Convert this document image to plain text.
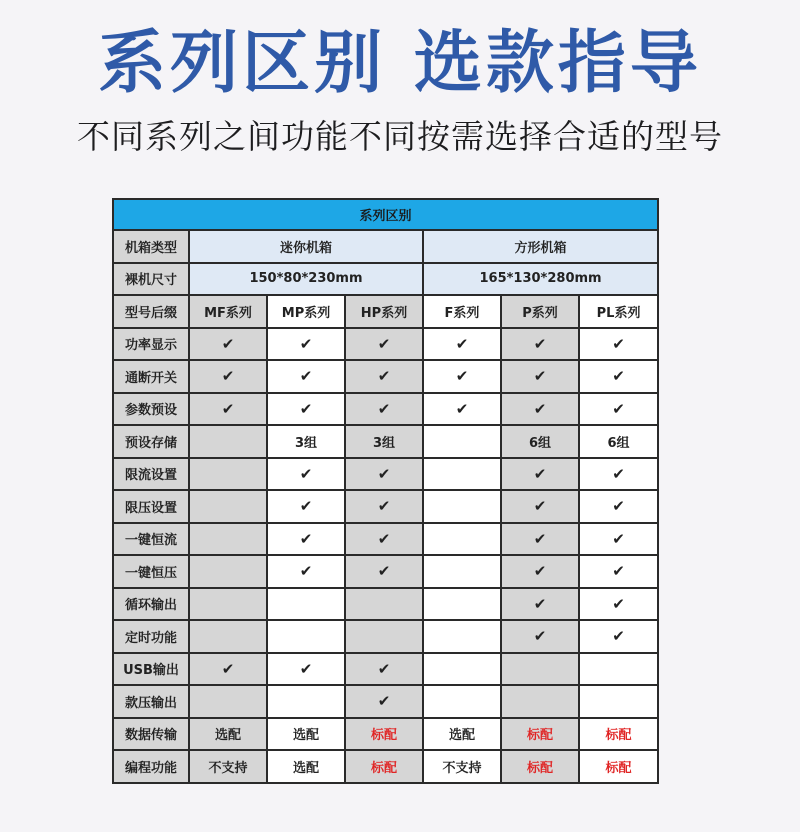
系列区别 选款指导
不同系列之间功能不同按需选择合适的型号
系列区别						
机箱类型	迷你机箱			方形机箱		
裸机尺寸	150*80*230mm			165*130*280mm		
型号后缀	MF系列	MP系列	HP系列	F系列	P系列	PL系列
功率显示	✔	✔	✔	✔	✔	✔
通断开关	✔	✔	✔	✔	✔	✔
参数预设	✔	✔	✔	✔	✔	✔
预设存储		3组	3组		6组	6组
限流设置		✔	✔		✔	✔
限压设置		✔	✔		✔	✔
一键恒流		✔	✔		✔	✔
一键恒压		✔	✔		✔	✔
循环输出					✔	✔
定时功能					✔	✔
USB输出	✔	✔	✔			
款压输出			✔			
数据传输	选配	选配	标配	选配	标配	标配
编程功能	不支持	选配	标配	不支持	标配	标配
